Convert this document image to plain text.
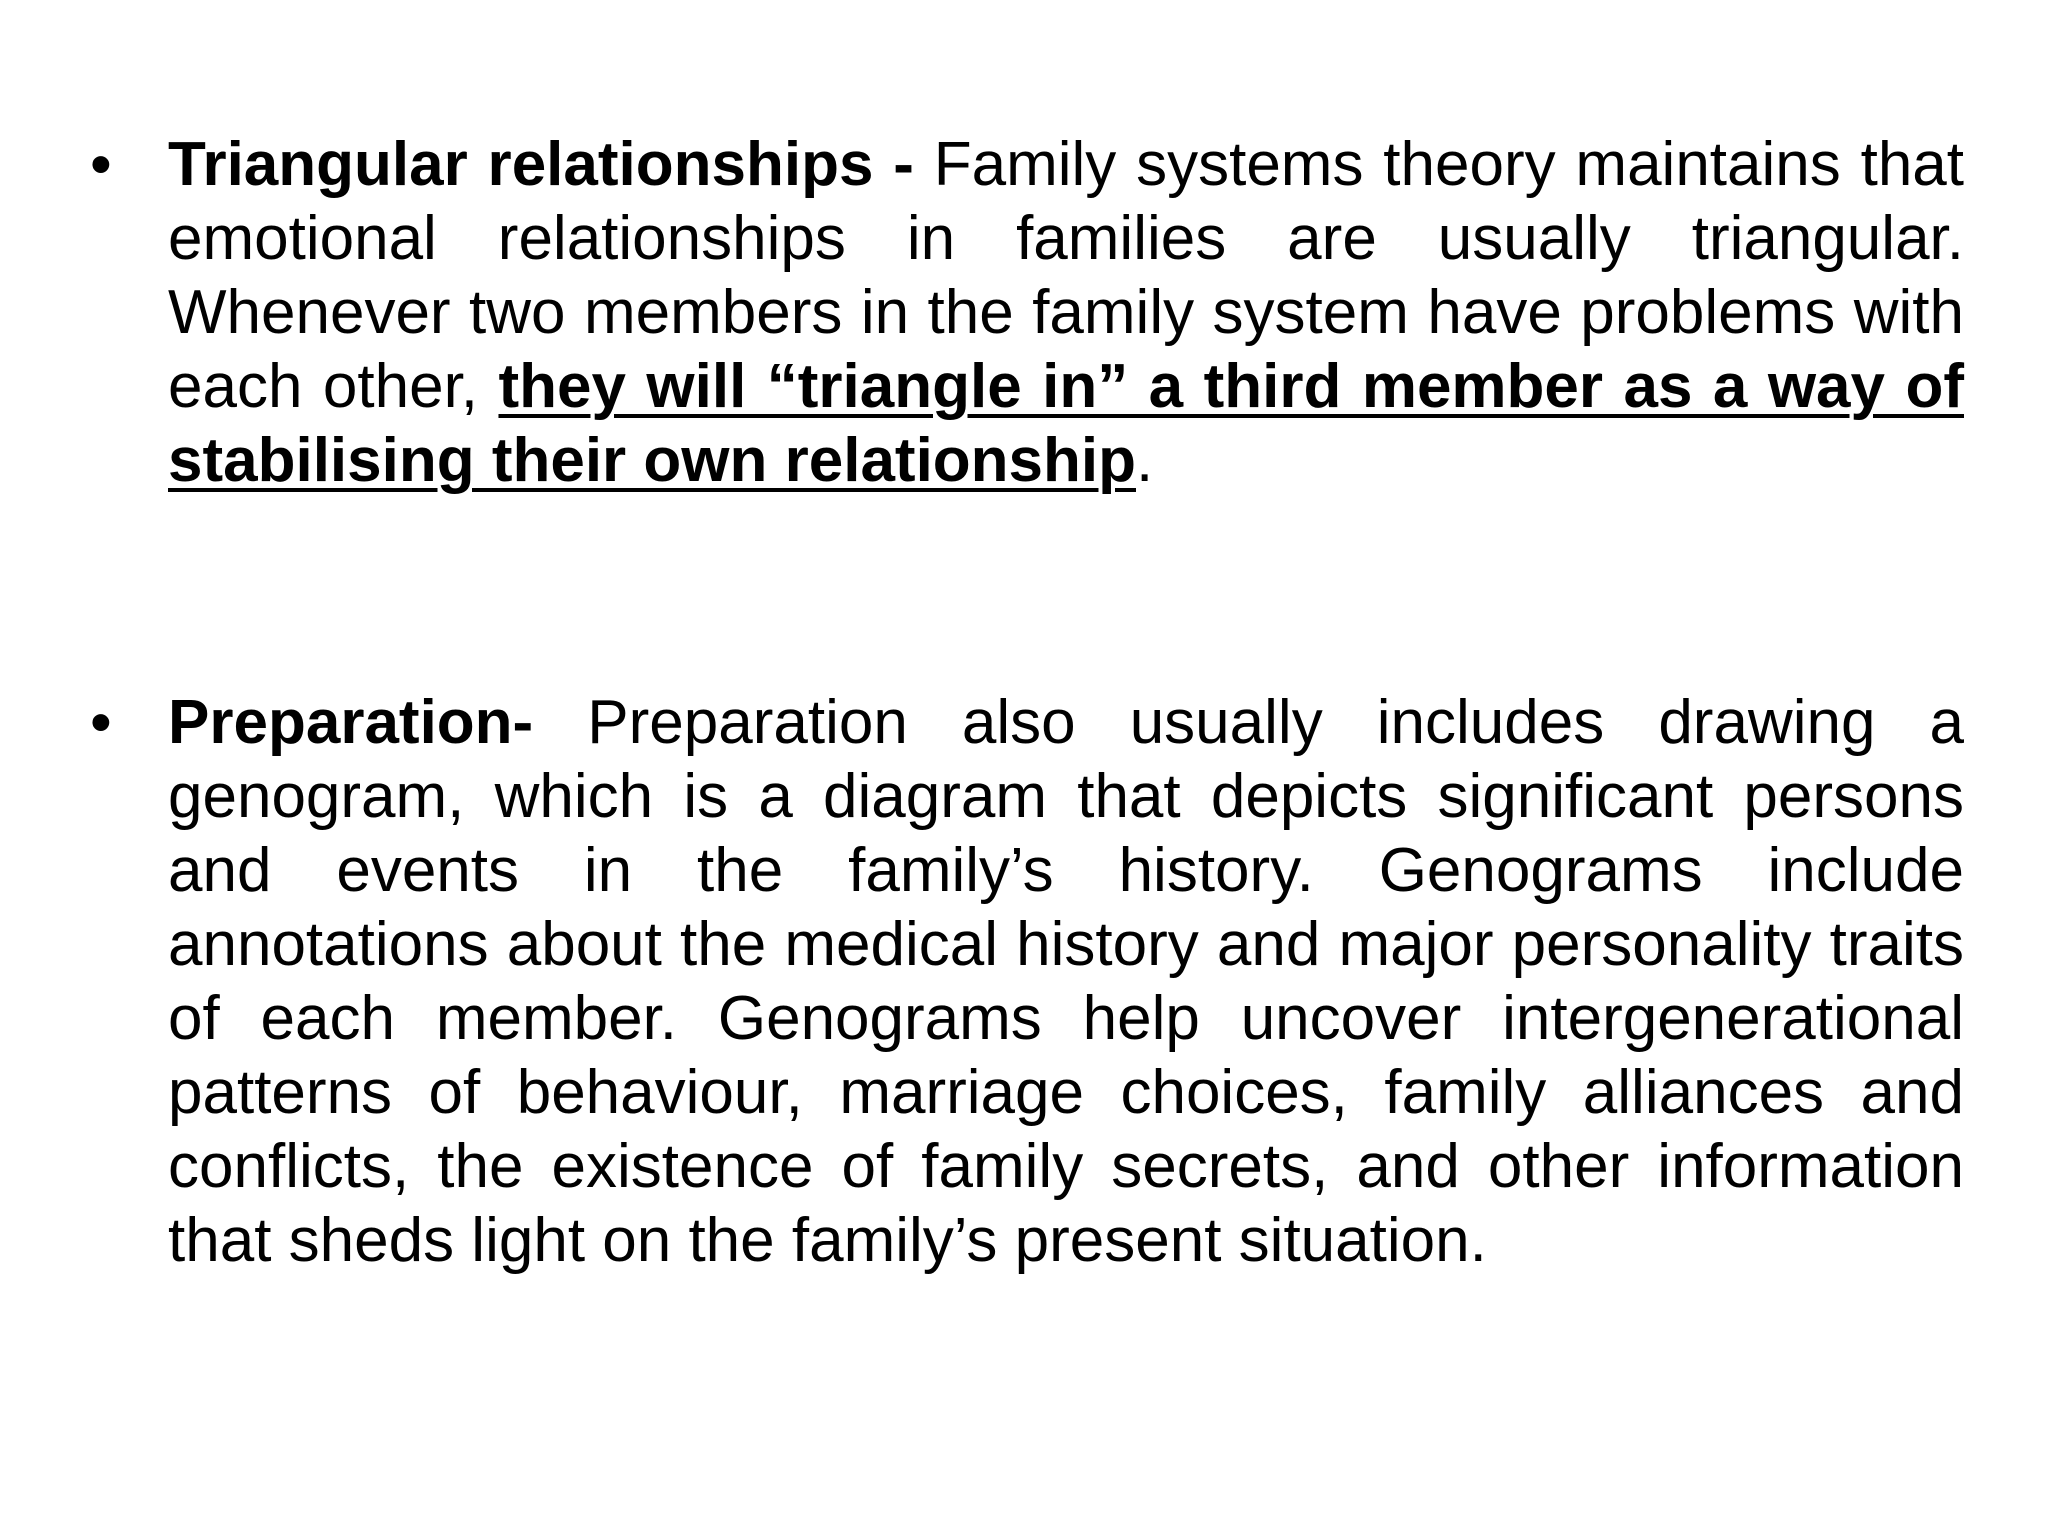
• Triangular relationships - Family systems theory maintains that emotional relationships in families are usually triangular. Whenever two members in the family system have problems with each other, they will “triangle in” a third member as a way of stabilising their own relationship.
• Preparation- Preparation also usually includes drawing a genogram, which is a diagram that depicts significant persons and events in the family’s history. Genograms include annotations about the medical history and major personality traits of each member. Genograms help uncover intergenerational patterns of behaviour, marriage choices, family alliances and conflicts, the existence of family secrets, and other information that sheds light on the family’s present situation.
